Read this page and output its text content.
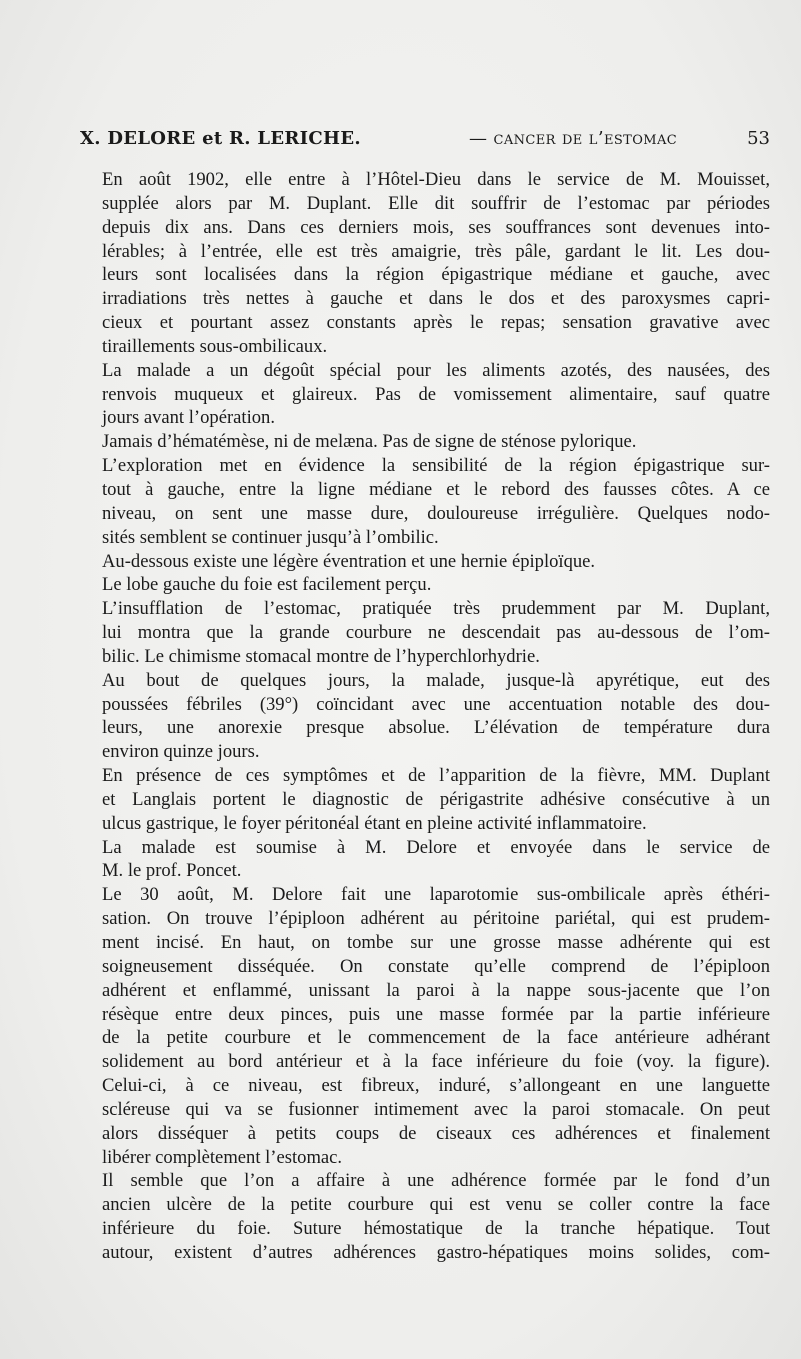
X. DELORE et R. LERICHE.	— cancer de l’estomac	53

En août 1902, elle entre à l’Hôtel-Dieu dans le service de M. Mouisset,
supplée alors par M. Duplant. Elle dit souffrir de l’estomac par périodes
depuis dix ans. Dans ces derniers mois, ses souffrances sont devenues into-
lérables; à l’entrée, elle est très amaigrie, très pâle, gardant le lit. Les dou-
leurs sont localisées dans la région épigastrique médiane et gauche, avec
irradiations très nettes à gauche et dans le dos et des paroxysmes capri-
cieux et pourtant assez constants après le repas; sensation gravative avec
tiraillements sous-ombilicaux.

La malade a un dégoût spécial pour les aliments azotés, des nausées, des
renvois muqueux et glaireux. Pas de vomissement alimentaire, sauf quatre
jours avant l’opération.

Jamais d’hématémèse, ni de melæna. Pas de signe de sténose pylorique.

L’exploration met en évidence la sensibilité de la région épigastrique sur-
tout à gauche, entre la ligne médiane et le rebord des fausses côtes. A ce
niveau, on sent une masse dure, douloureuse irrégulière. Quelques nodo-
sités semblent se continuer jusqu’à l’ombilic.

Au-dessous existe une légère éventration et une hernie épiploïque.

Le lobe gauche du foie est facilement perçu.

L’insufflation de l’estomac, pratiquée très prudemment par M. Duplant,
lui montra que la grande courbure ne descendait pas au-dessous de l’om-
bilic. Le chimisme stomacal montre de l’hyperchlorhydrie.

Au bout de quelques jours, la malade, jusque-là apyrétique, eut des
poussées fébriles (39°) coïncidant avec une accentuation notable des dou-
leurs, une anorexie presque absolue. L’élévation de température dura
environ quinze jours.

En présence de ces symptômes et de l’apparition de la fièvre, MM. Duplant
et Langlais portent le diagnostic de périgastrite adhésive consécutive à un
ulcus gastrique, le foyer péritonéal étant en pleine activité inflammatoire.

La malade est soumise à M. Delore et envoyée dans le service de
M. le prof. Poncet.

Le 30 août, M. Delore fait une laparotomie sus-ombilicale après éthéri-
sation. On trouve l’épiploon adhérent au péritoine pariétal, qui est prudem-
ment incisé. En haut, on tombe sur une grosse masse adhérente qui est
soigneusement disséquée. On constate qu’elle comprend de l’épiploon
adhérent et enflammé, unissant la paroi à la nappe sous-jacente que l’on
résèque entre deux pinces, puis une masse formée par la partie inférieure
de la petite courbure et le commencement de la face antérieure adhérant
solidement au bord antérieur et à la face inférieure du foie (voy. la figure).
Celui-ci, à ce niveau, est fibreux, induré, s’allongeant en une languette
scléreuse qui va se fusionner intimement avec la paroi stomacale. On peut
alors disséquer à petits coups de ciseaux ces adhérences et finalement
libérer complètement l’estomac.

Il semble que l’on a affaire à une adhérence formée par le fond d’un
ancien ulcère de la petite courbure qui est venu se coller contre la face
inférieure du foie. Suture hémostatique de la tranche hépatique. Tout
autour, existent d’autres adhérences gastro-hépatiques moins solides, com-
